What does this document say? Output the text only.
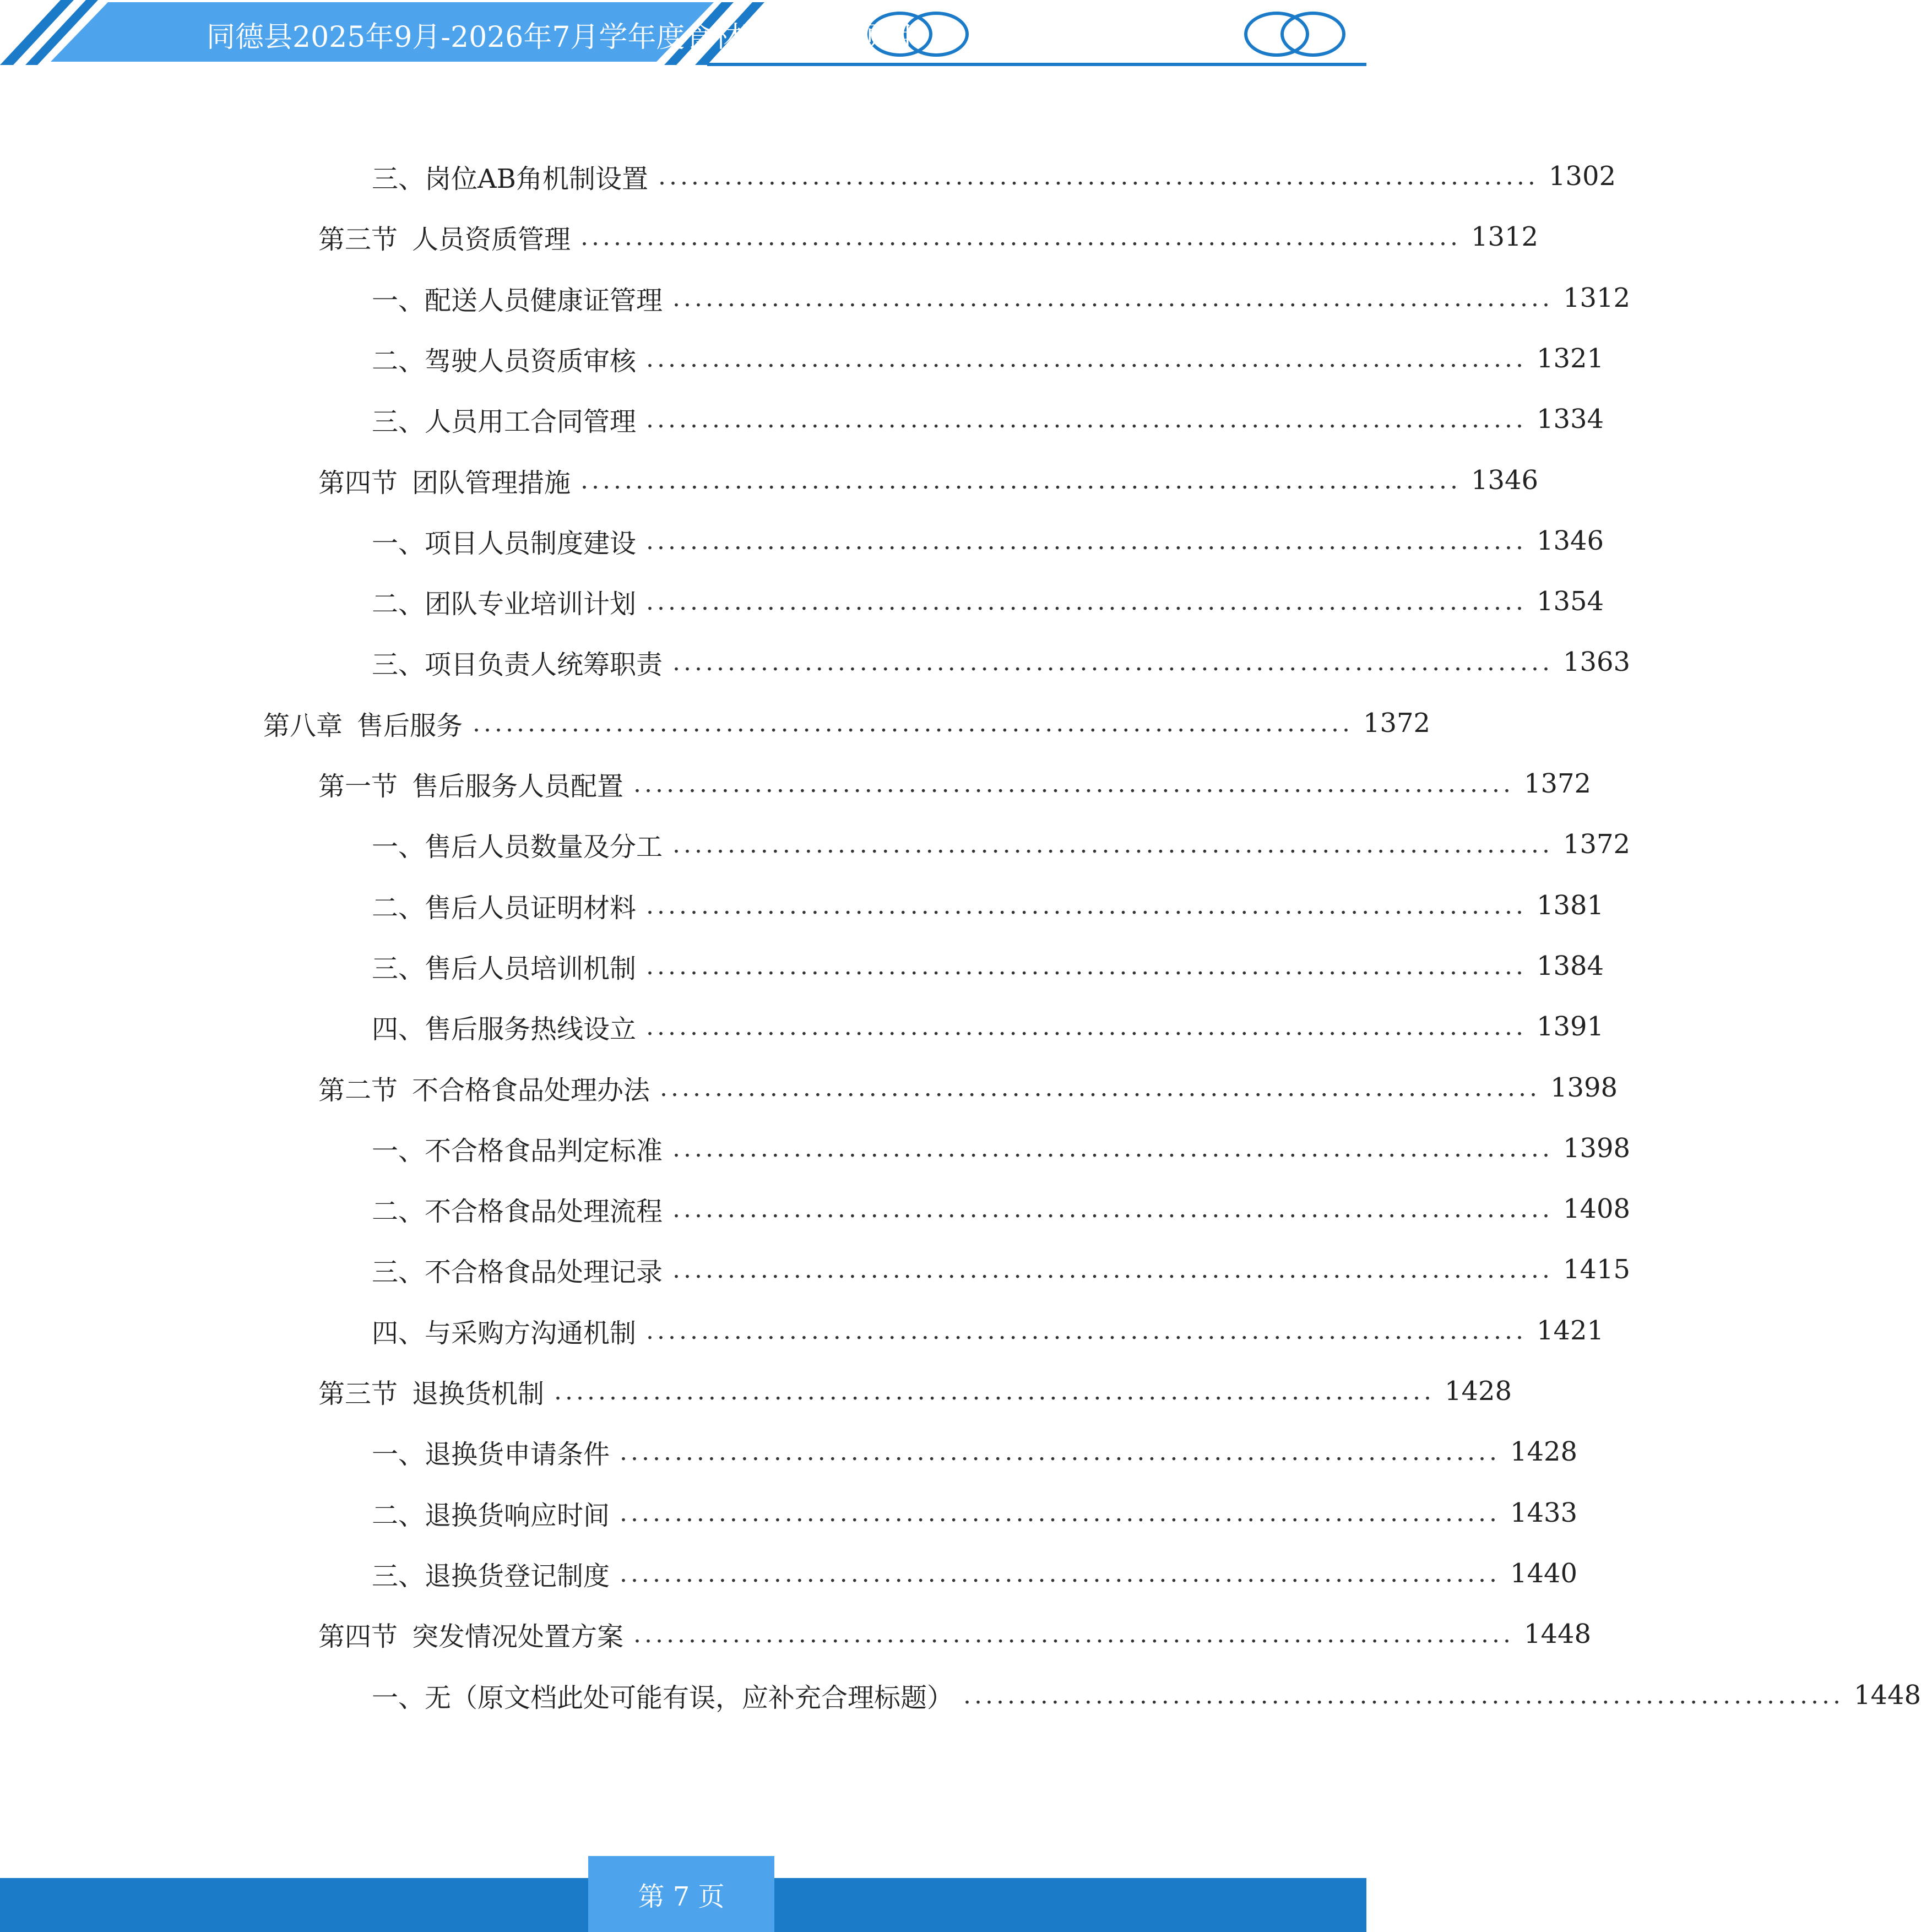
同德县2025年9月-2026年7月学年度食材配送服务项目
三、 岗位AB角机制设置 ................................................................................ 1302
第三节 人员资质管理 ................................................................................ 1312
一、 配送人员健康证管理 ................................................................................ 1312
二、 驾驶人员资质审核 ................................................................................ 1321
三、 人员用工合同管理 ................................................................................ 1334
第四节 团队管理措施 ................................................................................ 1346
一、 项目人员制度建设 ................................................................................ 1346
二、 团队专业培训计划 ................................................................................ 1354
三、 项目负责人统筹职责 ................................................................................ 1363
第八章 售后服务 ................................................................................ 1372
第一节 售后服务人员配置 ................................................................................ 1372
一、 售后人员数量及分工 ................................................................................ 1372
二、 售后人员证明材料 ................................................................................ 1381
三、 售后人员培训机制 ................................................................................ 1384
四、 售后服务热线设立 ................................................................................ 1391
第二节 不合格食品处理办法 ................................................................................ 1398
一、 不合格食品判定标准 ................................................................................ 1398
二、 不合格食品处理流程 ................................................................................ 1408
三、 不合格食品处理记录 ................................................................................ 1415
四、 与采购方沟通机制 ................................................................................ 1421
第三节 退换货机制 ................................................................................ 1428
一、 退换货申请条件 ................................................................................ 1428
二、 退换货响应时间 ................................................................................ 1433
三、 退换货登记制度 ................................................................................ 1440
第四节 突发情况处置方案 ................................................................................ 1448
一、 无（原文档此处可能有误，应补充合理标题） ................................................................................ 1448
第 7 页
